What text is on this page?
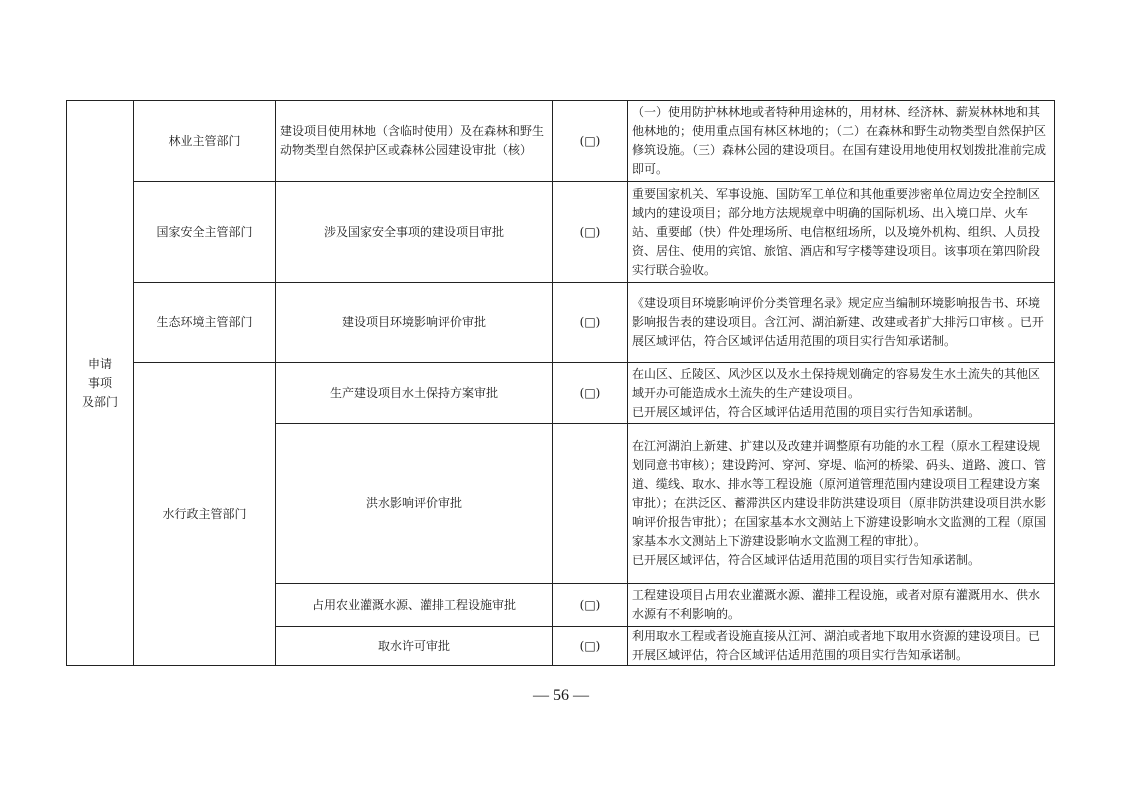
申请
事项
及部门	林业主管部门	建设项目使用林地（含临时使用）及在森林和野生动物类型自然保护区或森林公园建设审批（核）	(□)	（一）使用防护林林地或者特种用途林的，用材林、经济林、薪炭林林地和其他林地的；使用重点国有林区林地的；（二）在森林和野生动物类型自然保护区修筑设施。（三）森林公园的建设项目。在国有建设用地使用权划拨批准前完成即可。

	国家安全主管部门	涉及国家安全事项的建设项目审批	(□)	重要国家机关、军事设施、国防军工单位和其他重要涉密单位周边安全控制区域内的建设项目；部分地方法规规章中明确的国际机场、出入境口岸、火车站、重要邮（快）件处理场所、电信枢纽场所，以及境外机构、组织、人员投资、居住、使用的宾馆、旅馆、酒店和写字楼等建设项目。该事项在第四阶段实行联合验收。

	生态环境主管部门	建设项目环境影响评价审批	(□)	《建设项目环境影响评价分类管理名录》规定应当编制环境影响报告书、环境影响报告表的建设项目。含江河、湖泊新建、改建或者扩大排污口审核 。已开展区域评估，符合区域评估适用范围的项目实行告知承诺制。

	水行政主管部门	生产建设项目水土保持方案审批	(□)	在山区、丘陵区、风沙区以及水土保持规划确定的容易发生水土流失的其他区域开办可能造成水土流失的生产建设项目。

已开展区域评估，符合区域评估适用范围的项目实行告知承诺制。

		洪水影响评价审批		在江河湖泊上新建、扩建以及改建并调整原有功能的水工程（原水工程建设规划同意书审核）；建设跨河、穿河、穿堤、临河的桥梁、码头、道路、渡口、管道、缆线、取水、排水等工程设施（原河道管理范围内建设项目工程建设方案审批）；在洪泛区、蓄滞洪区内建设非防洪建设项目（原非防洪建设项目洪水影响评价报告审批）；在国家基本水文测站上下游建设影响水文监测的工程（原国家基本水文测站上下游建设影响水文监测工程的审批）。

已开展区域评估，符合区域评估适用范围的项目实行告知承诺制。

		占用农业灌溉水源、灌排工程设施审批	(□)	工程建设项目占用农业灌溉水源、灌排工程设施，或者对原有灌溉用水、供水水源有不利影响的。

		取水许可审批	(□)	利用取水工程或者设施直接从江河、湖泊或者地下取用水资源的建设项目。已开展区域评估，符合区域评估适用范围的项目实行告知承诺制。

— 56 —
